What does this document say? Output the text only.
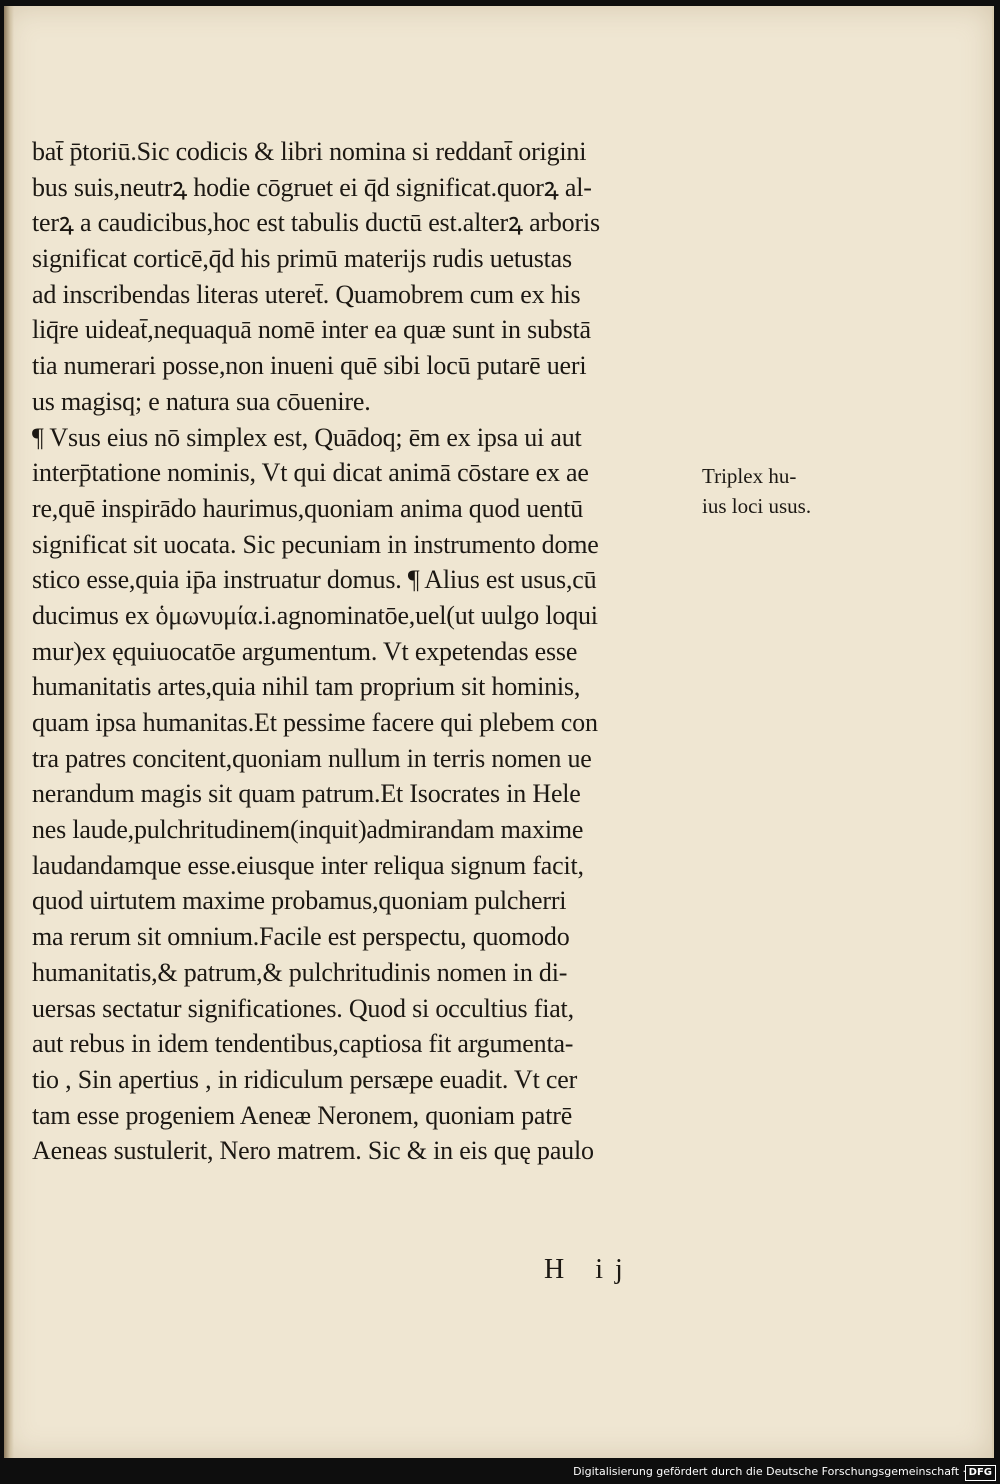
bat̄ p̄toriū.Sic codicis & libri nomina si reddant̄ origini
bus suis,neutrꝝ hodie cōgruet ei q̄d significat.quorꝝ al-
terꝝ a caudicibus,hoc est tabulis ductū est.alterꝝ arboris
significat corticē,q̄d his primū materijs rudis uetustas
ad inscribendas literas uteret̄. Quamobrem cum ex his
liq̄re uideat̄,nequaquā nomē inter ea quæ sunt in substā
tia numerari posse,non inueni quē sibi locū putarē ueri
us magisq; e natura sua cōuenire.
¶ Vsus eius nō simplex est, Quādoq; ēm ex ipsa ui aut
interp̄tatione nominis, Vt qui dicat animā cōstare ex ae
re,quē inspirādo haurimus,quoniam anima quod uentū
significat sit uocata. Sic pecuniam in instrumento dome
stico esse,quia ip̄a instruatur domus. ¶ Alius est usus,cū
ducimus ex ὁμωνυμία.i.agnominatōe,uel(ut uulgo loqui
mur)ex ęquiuocatōe argumentum. Vt expetendas esse
humanitatis artes,quia nihil tam proprium sit hominis,
quam ipsa humanitas.Et pessime facere qui plebem con
tra patres concitent,quoniam nullum in terris nomen ue
nerandum magis sit quam patrum.Et Isocrates in Hele
nes laude,pulchritudinem(inquit)admirandam maxime
laudandamque esse.eiusque inter reliqua signum facit,
quod uirtutem maxime probamus,quoniam pulcherri
ma rerum sit omnium.Facile est perspectu, quomodo
humanitatis,& patrum,& pulchritudinis nomen in di-
uersas sectatur significationes. Quod si occultius fiat,
aut rebus in idem tendentibus,captiosa fit argumenta-
tio , Sin apertius , in ridiculum persæpe euadit. Vt cer
tam esse progeniem Aeneæ Neronem, quoniam patrē
Aeneas sustulerit, Nero matrem. Sic & in eis quę paulo
Triplex hu-
ius loci usus.
H ij
Digitalisierung gefördert durch die Deutsche Forschungsgemeinschaft · DFG
